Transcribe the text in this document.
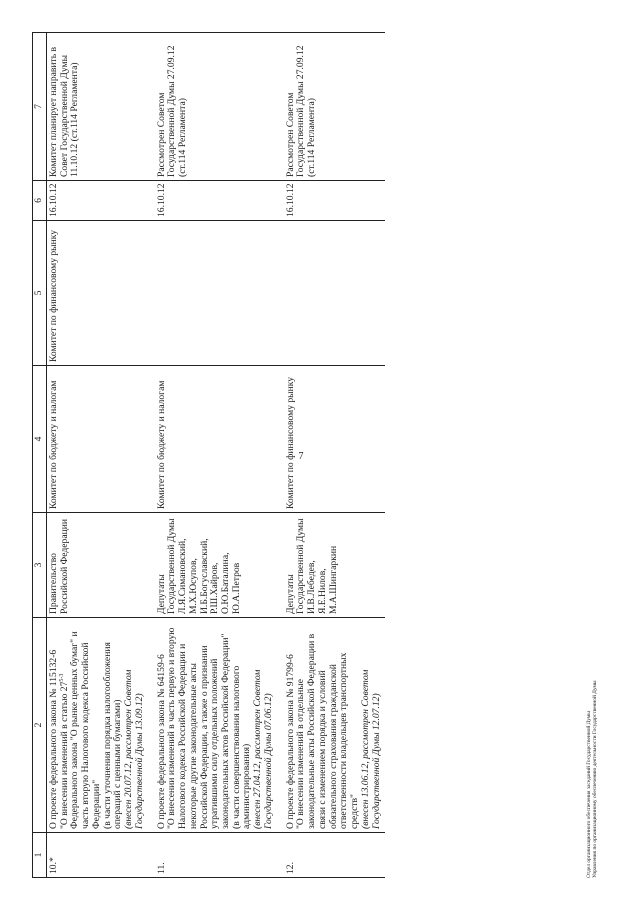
7
1	2	3	4	5	6	7
10.*	О проекте федерального закона № 115132-6 "О внесении изменений в статью 27$^{5-3}$ Федерального закона "О рынке ценных бумаг" и часть вторую Налогового кодекса Российской Федерации" (в части уточнения порядка налогообложения операций с ценными бумагами) (внесен 20.07.12, рассмотрен Советом Государственной Думы 13.09.12)	Правительство Российской Федерации	Комитет по бюджету и налогам	Комитет по финансовому рынку	16.10.12	Комитет планирует направить в Совет Государственной Думы 11.10.12 (ст.114 Регламента)

11.	О проекте федерального закона № 64159-6 "О внесении изменений в часть первую и вторую Налогового кодекса Российской Федерации и некоторые другие законодательные акты Российской Федерации, а также о признании утратившими силу отдельных положений законодательных актов Российской Федерации" (в части совершенствования налогового администрирования) (внесен 27.04.12, рассмотрен Советом Государственной Думы 07.06.12)	Депутаты Государственной Думы Л.Я.Симановский, М.Х.Юсупов, И.Б.Богуславский, Р.Ш.Хайров, О.Ю.Баталина, Ю.А.Петров	Комитет по бюджету и налогам		16.10.12	Рассмотрен Советом Государственной Думы 27.09.12 (ст.114 Регламента)

12.	О проекте федерального закона № 91799-6 "О внесении изменений в отдельные законодательные акты Российской Федерации в связи с изменением порядка и условий обязательного страхования гражданской ответственности владельцев транспортных средств" (внесен 13.06.12, рассмотрен Советом Государственной Думы 12.07.12)	Депутаты Государственной Думы И.В.Лебедев, Я.Е.Нилов, М.А.Шингаркин	Комитет по финансовому рынку		16.10.12	Рассмотрен Советом Государственной Думы 27.09.12 (ст.114 Регламента)
Отдел организационного обеспечения заседаний Государственной Думы Управления по организационному обеспечению деятельности Государственной Думы
